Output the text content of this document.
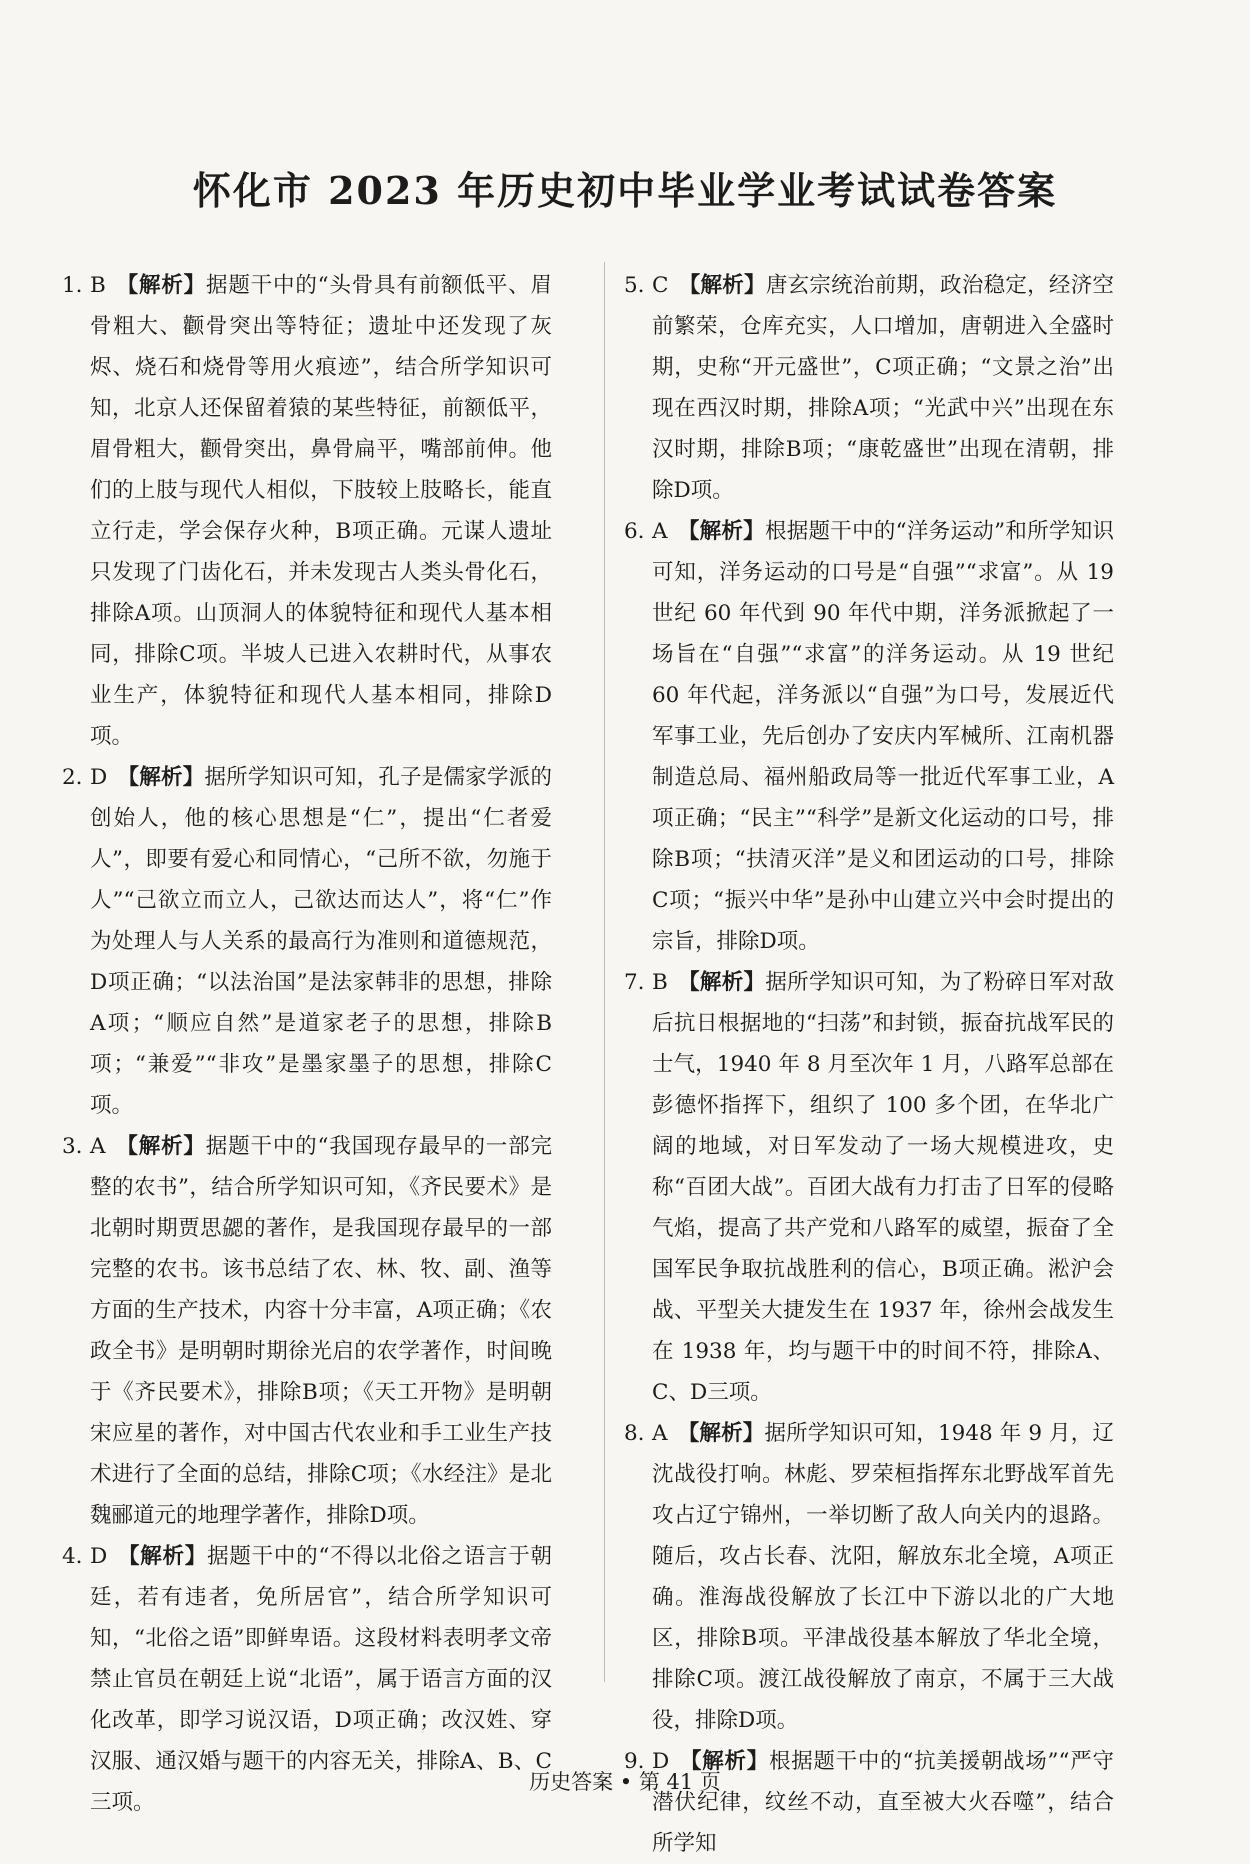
怀化市 2023 年历史初中毕业学业考试试卷答案
1. B 【解析】据题干中的“头骨具有前额低平、眉骨粗大、颧骨突出等特征；遗址中还发现了灰烬、烧石和烧骨等用火痕迹”，结合所学知识可知，北京人还保留着猿的某些特征，前额低平，眉骨粗大，颧骨突出，鼻骨扁平，嘴部前伸。他们的上肢与现代人相似，下肢较上肢略长，能直立行走，学会保存火种，B项正确。元谋人遗址只发现了门齿化石，并未发现古人类头骨化石，排除A项。山顶洞人的体貌特征和现代人基本相同，排除C项。半坡人已进入农耕时代，从事农业生产，体貌特征和现代人基本相同，排除D项。
2. D 【解析】据所学知识可知，孔子是儒家学派的创始人，他的核心思想是“仁”，提出“仁者爱人”，即要有爱心和同情心，“己所不欲，勿施于人”“己欲立而立人，己欲达而达人”，将“仁”作为处理人与人关系的最高行为准则和道德规范，D项正确；“以法治国”是法家韩非的思想，排除A项；“顺应自然”是道家老子的思想，排除B项；“兼爱”“非攻”是墨家墨子的思想，排除C项。
3. A 【解析】据题干中的“我国现存最早的一部完整的农书”，结合所学知识可知，《齐民要术》是北朝时期贾思勰的著作，是我国现存最早的一部完整的农书。该书总结了农、林、牧、副、渔等方面的生产技术，内容十分丰富，A项正确；《农政全书》是明朝时期徐光启的农学著作，时间晚于《齐民要术》，排除B项；《天工开物》是明朝宋应星的著作，对中国古代农业和手工业生产技术进行了全面的总结，排除C项；《水经注》是北魏郦道元的地理学著作，排除D项。
4. D 【解析】据题干中的“不得以北俗之语言于朝廷，若有违者，免所居官”，结合所学知识可知，“北俗之语”即鲜卑语。这段材料表明孝文帝禁止官员在朝廷上说“北语”，属于语言方面的汉化改革，即学习说汉语，D项正确；改汉姓、穿汉服、通汉婚与题干的内容无关，排除A、B、C三项。
5. C 【解析】唐玄宗统治前期，政治稳定，经济空前繁荣，仓库充实，人口增加，唐朝进入全盛时期，史称“开元盛世”，C项正确；“文景之治”出现在西汉时期，排除A项；“光武中兴”出现在东汉时期，排除B项；“康乾盛世”出现在清朝，排除D项。
6. A 【解析】根据题干中的“洋务运动”和所学知识可知，洋务运动的口号是“自强”“求富”。从 19 世纪 60 年代到 90 年代中期，洋务派掀起了一场旨在“自强”“求富”的洋务运动。从 19 世纪 60 年代起，洋务派以“自强”为口号，发展近代军事工业，先后创办了安庆内军械所、江南机器制造总局、福州船政局等一批近代军事工业，A项正确；“民主”“科学”是新文化运动的口号，排除B项；“扶清灭洋”是义和团运动的口号，排除C项；“振兴中华”是孙中山建立兴中会时提出的宗旨，排除D项。
7. B 【解析】据所学知识可知，为了粉碎日军对敌后抗日根据地的“扫荡”和封锁，振奋抗战军民的士气，1940 年 8 月至次年 1 月，八路军总部在彭德怀指挥下，组织了 100 多个团，在华北广阔的地域，对日军发动了一场大规模进攻，史称“百团大战”。百团大战有力打击了日军的侵略气焰，提高了共产党和八路军的威望，振奋了全国军民争取抗战胜利的信心，B项正确。淞沪会战、平型关大捷发生在 1937 年，徐州会战发生在 1938 年，均与题干中的时间不符，排除A、C、D三项。
8. A 【解析】据所学知识可知，1948 年 9 月，辽沈战役打响。林彪、罗荣桓指挥东北野战军首先攻占辽宁锦州，一举切断了敌人向关内的退路。随后，攻占长春、沈阳，解放东北全境，A项正确。淮海战役解放了长江中下游以北的广大地区，排除B项。平津战役基本解放了华北全境，排除C项。渡江战役解放了南京，不属于三大战役，排除D项。
9. D 【解析】根据题干中的“抗美援朝战场”“严守潜伏纪律，纹丝不动，直至被大火吞噬”，结合所学知
历史答案 • 第 41 页
